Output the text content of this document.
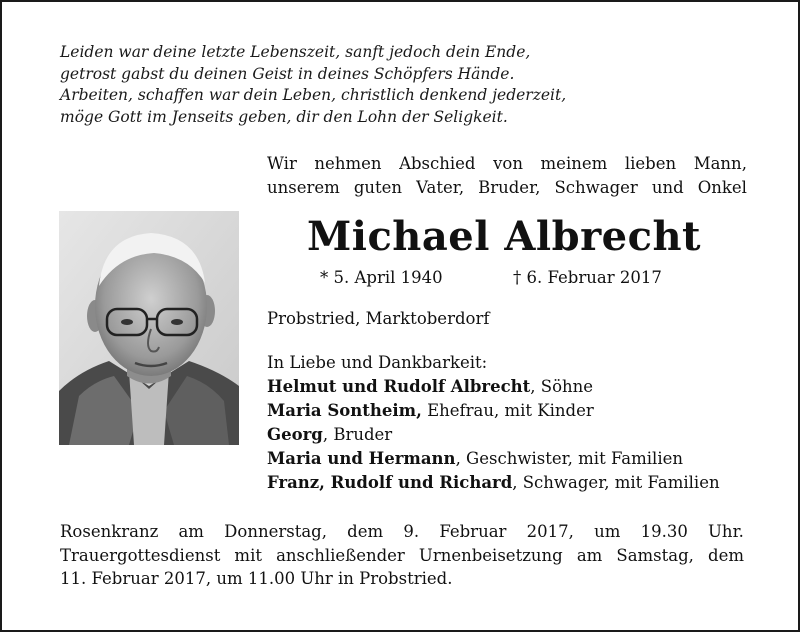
Leiden war deine letzte Lebenszeit, sanft jedoch dein Ende,
getrost gabst du deinen Geist in deines Schöpfers Hände.
Arbeiten, schaffen war dein Leben, christlich denkend jederzeit,
möge Gott im Jenseits geben, dir den Lohn der Seligkeit.
Wir nehmen Abschied von meinem lieben Mann,
unserem guten Vater, Bruder, Schwager und Onkel
Michael Albrecht
* 5. April 1940	† 6. Februar 2017
Probstried, Marktoberdorf
In Liebe und Dankbarkeit:
Helmut und Rudolf Albrecht, Söhne
Maria Sontheim, Ehefrau, mit Kinder
Georg, Bruder
Maria und Hermann, Geschwister, mit Familien
Franz, Rudolf und Richard, Schwager, mit Familien
Rosenkranz am Donnerstag, dem 9. Februar 2017, um 19.30 Uhr.
Trauergottesdienst mit anschließender Urnenbeisetzung am Samstag, dem
11. Februar 2017, um 11.00 Uhr in Probstried.
